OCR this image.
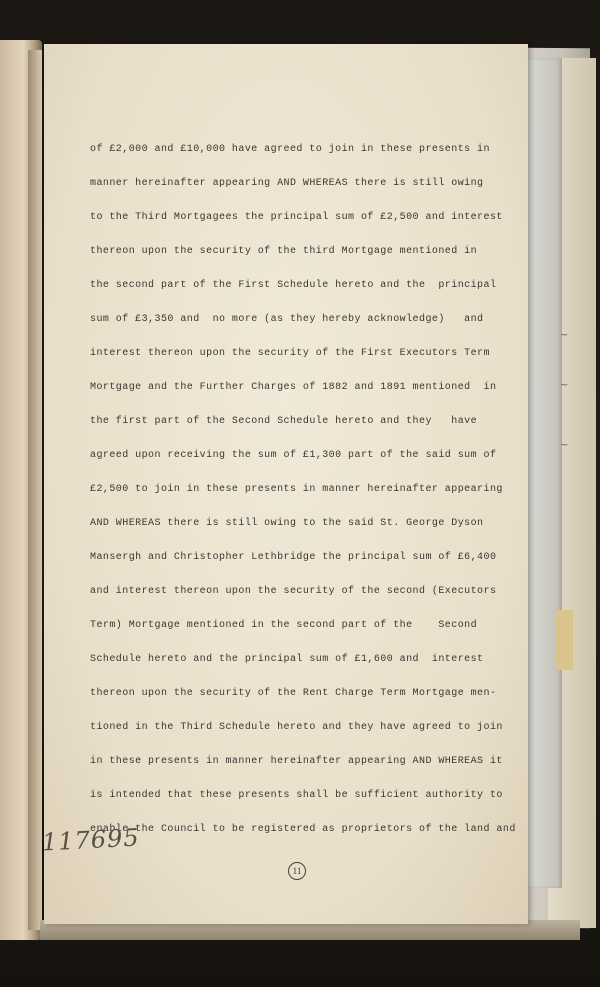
~
~
~
of £2,000 and £10,000 have agreed to join in these presents in
manner hereinafter appearing AND WHEREAS there is still owing
to the Third Mortgagees the principal sum of £2,500 and interest
thereon upon the security of the third Mortgage mentioned in
the second part of the First Schedule hereto and the  principal
sum of £3,350 and  no more (as they hereby acknowledge)   and
interest thereon upon the security of the First Executors Term
Mortgage and the Further Charges of 1882 and 1891 mentioned  in
the first part of the Second Schedule hereto and they   have
agreed upon receiving the sum of £1,300 part of the said sum of
£2,500 to join in these presents in manner hereinafter appearing
AND WHEREAS there is still owing to the said St. George Dyson
Mansergh and Christopher Lethbridge the principal sum of £6,400
and interest thereon upon the security of the second (Executors
Term) Mortgage mentioned in the second part of the    Second
Schedule hereto and the principal sum of £1,600 and  interest
thereon upon the security of the Rent Charge Term Mortgage men-
tioned in the Third Schedule hereto and they have agreed to join
in these presents in manner hereinafter appearing AND WHEREAS it
is intended that these presents shall be sufficient authority to
enable the Council to be registered as proprietors of the land and
11
117695
